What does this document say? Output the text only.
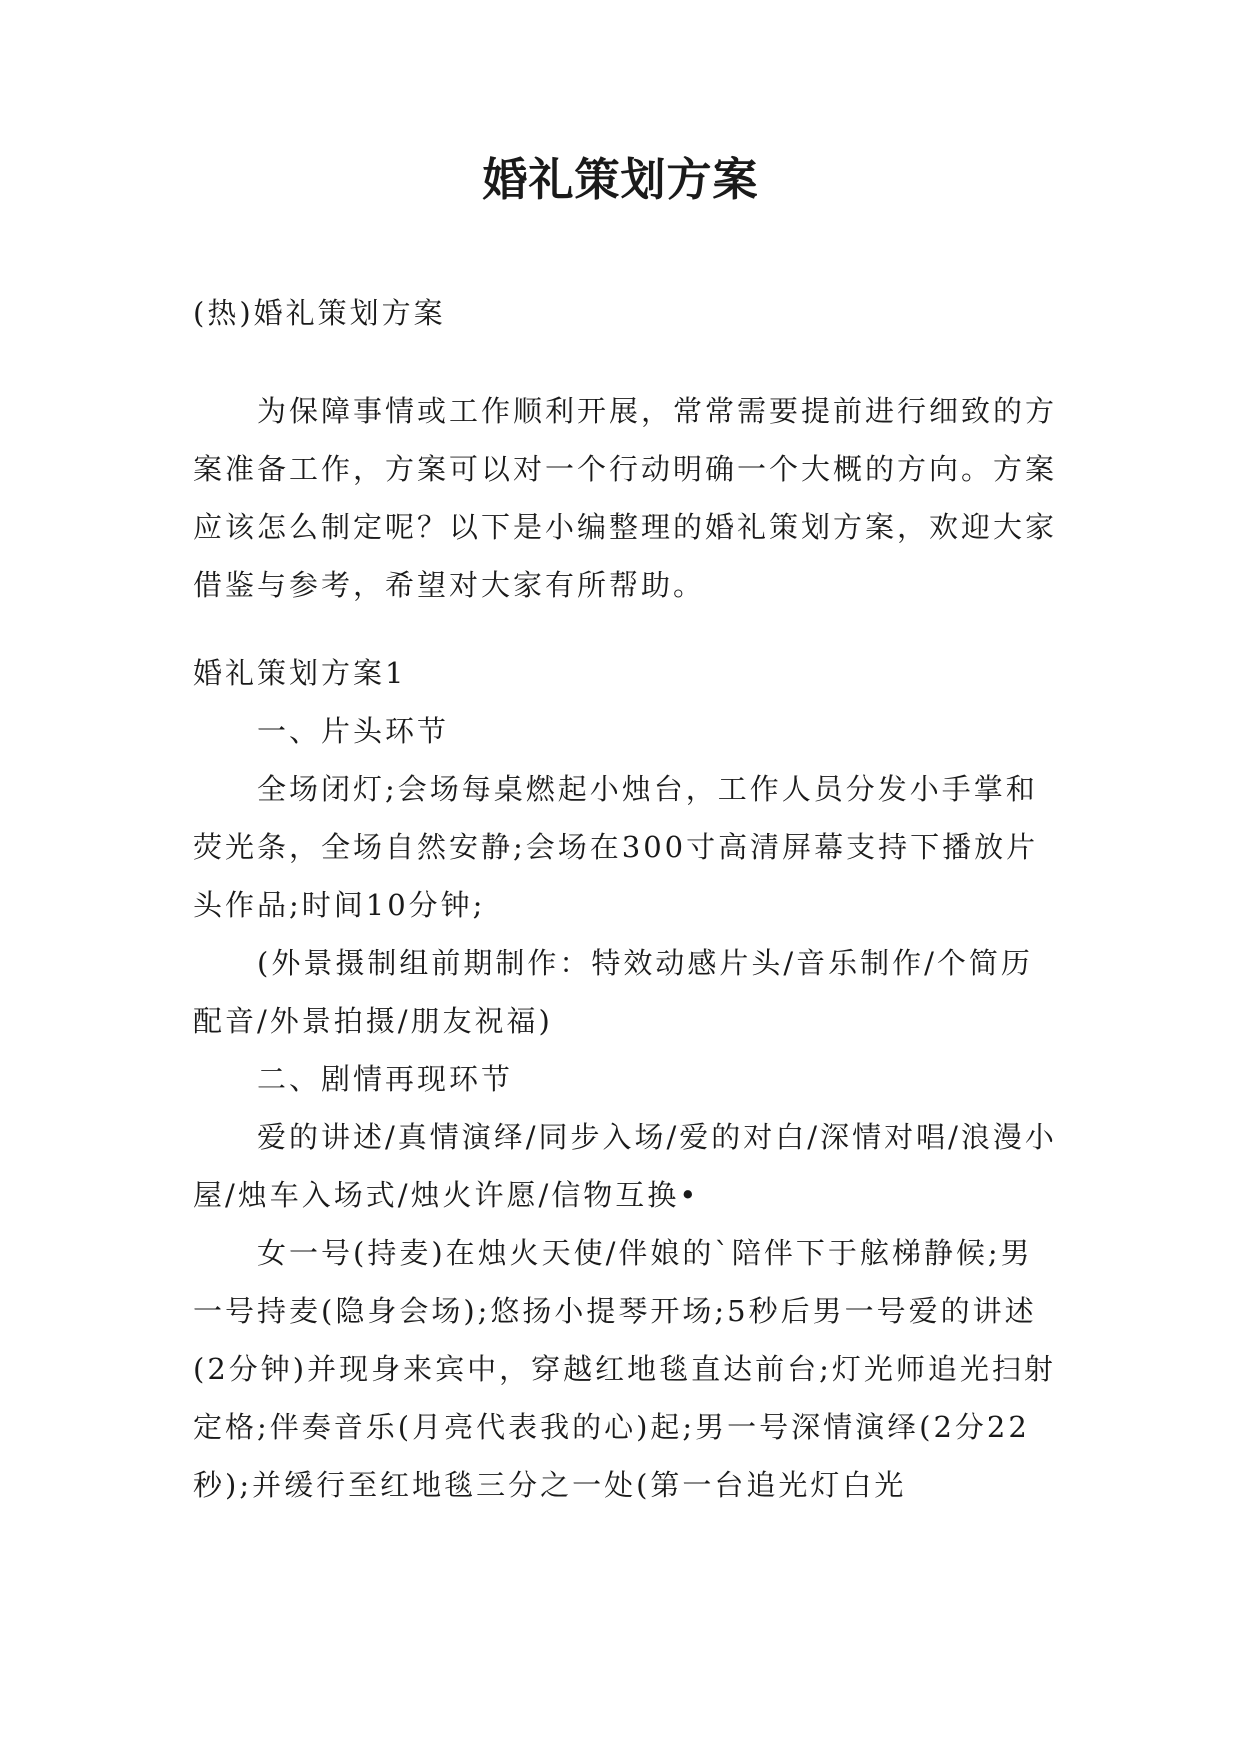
婚礼策划方案

(热)婚礼策划方案

为保障事情或工作顺利开展，常常需要提前进行细致的方案准备工作，方案可以对一个行动明确一个大概的方向。方案应该怎么制定呢？以下是小编整理的婚礼策划方案，欢迎大家借鉴与参考，希望对大家有所帮助。

婚礼策划方案1

一、片头环节

全场闭灯;会场每桌燃起小烛台，工作人员分发小手掌和荧光条，全场自然安静;会场在300寸高清屏幕支持下播放片头作品;时间10分钟;

(外景摄制组前期制作：特效动感片头/音乐制作/个简历配音/外景拍摄/朋友祝福)

二、剧情再现环节

爱的讲述/真情演绎/同步入场/爱的对白/深情对唱/浪漫小屋/烛车入场式/烛火许愿/信物互换•

女一号(持麦)在烛火天使/伴娘的`陪伴下于舷梯静候;男一号持麦(隐身会场);悠扬小提琴开场;5秒后男一号爱的讲述(2分钟)并现身来宾中，穿越红地毯直达前台;灯光师追光扫射定格;伴奏音乐(月亮代表我的心)起;男一号深情演绎(2分22秒);并缓行至红地毯三分之一处(第一台追光灯白光
